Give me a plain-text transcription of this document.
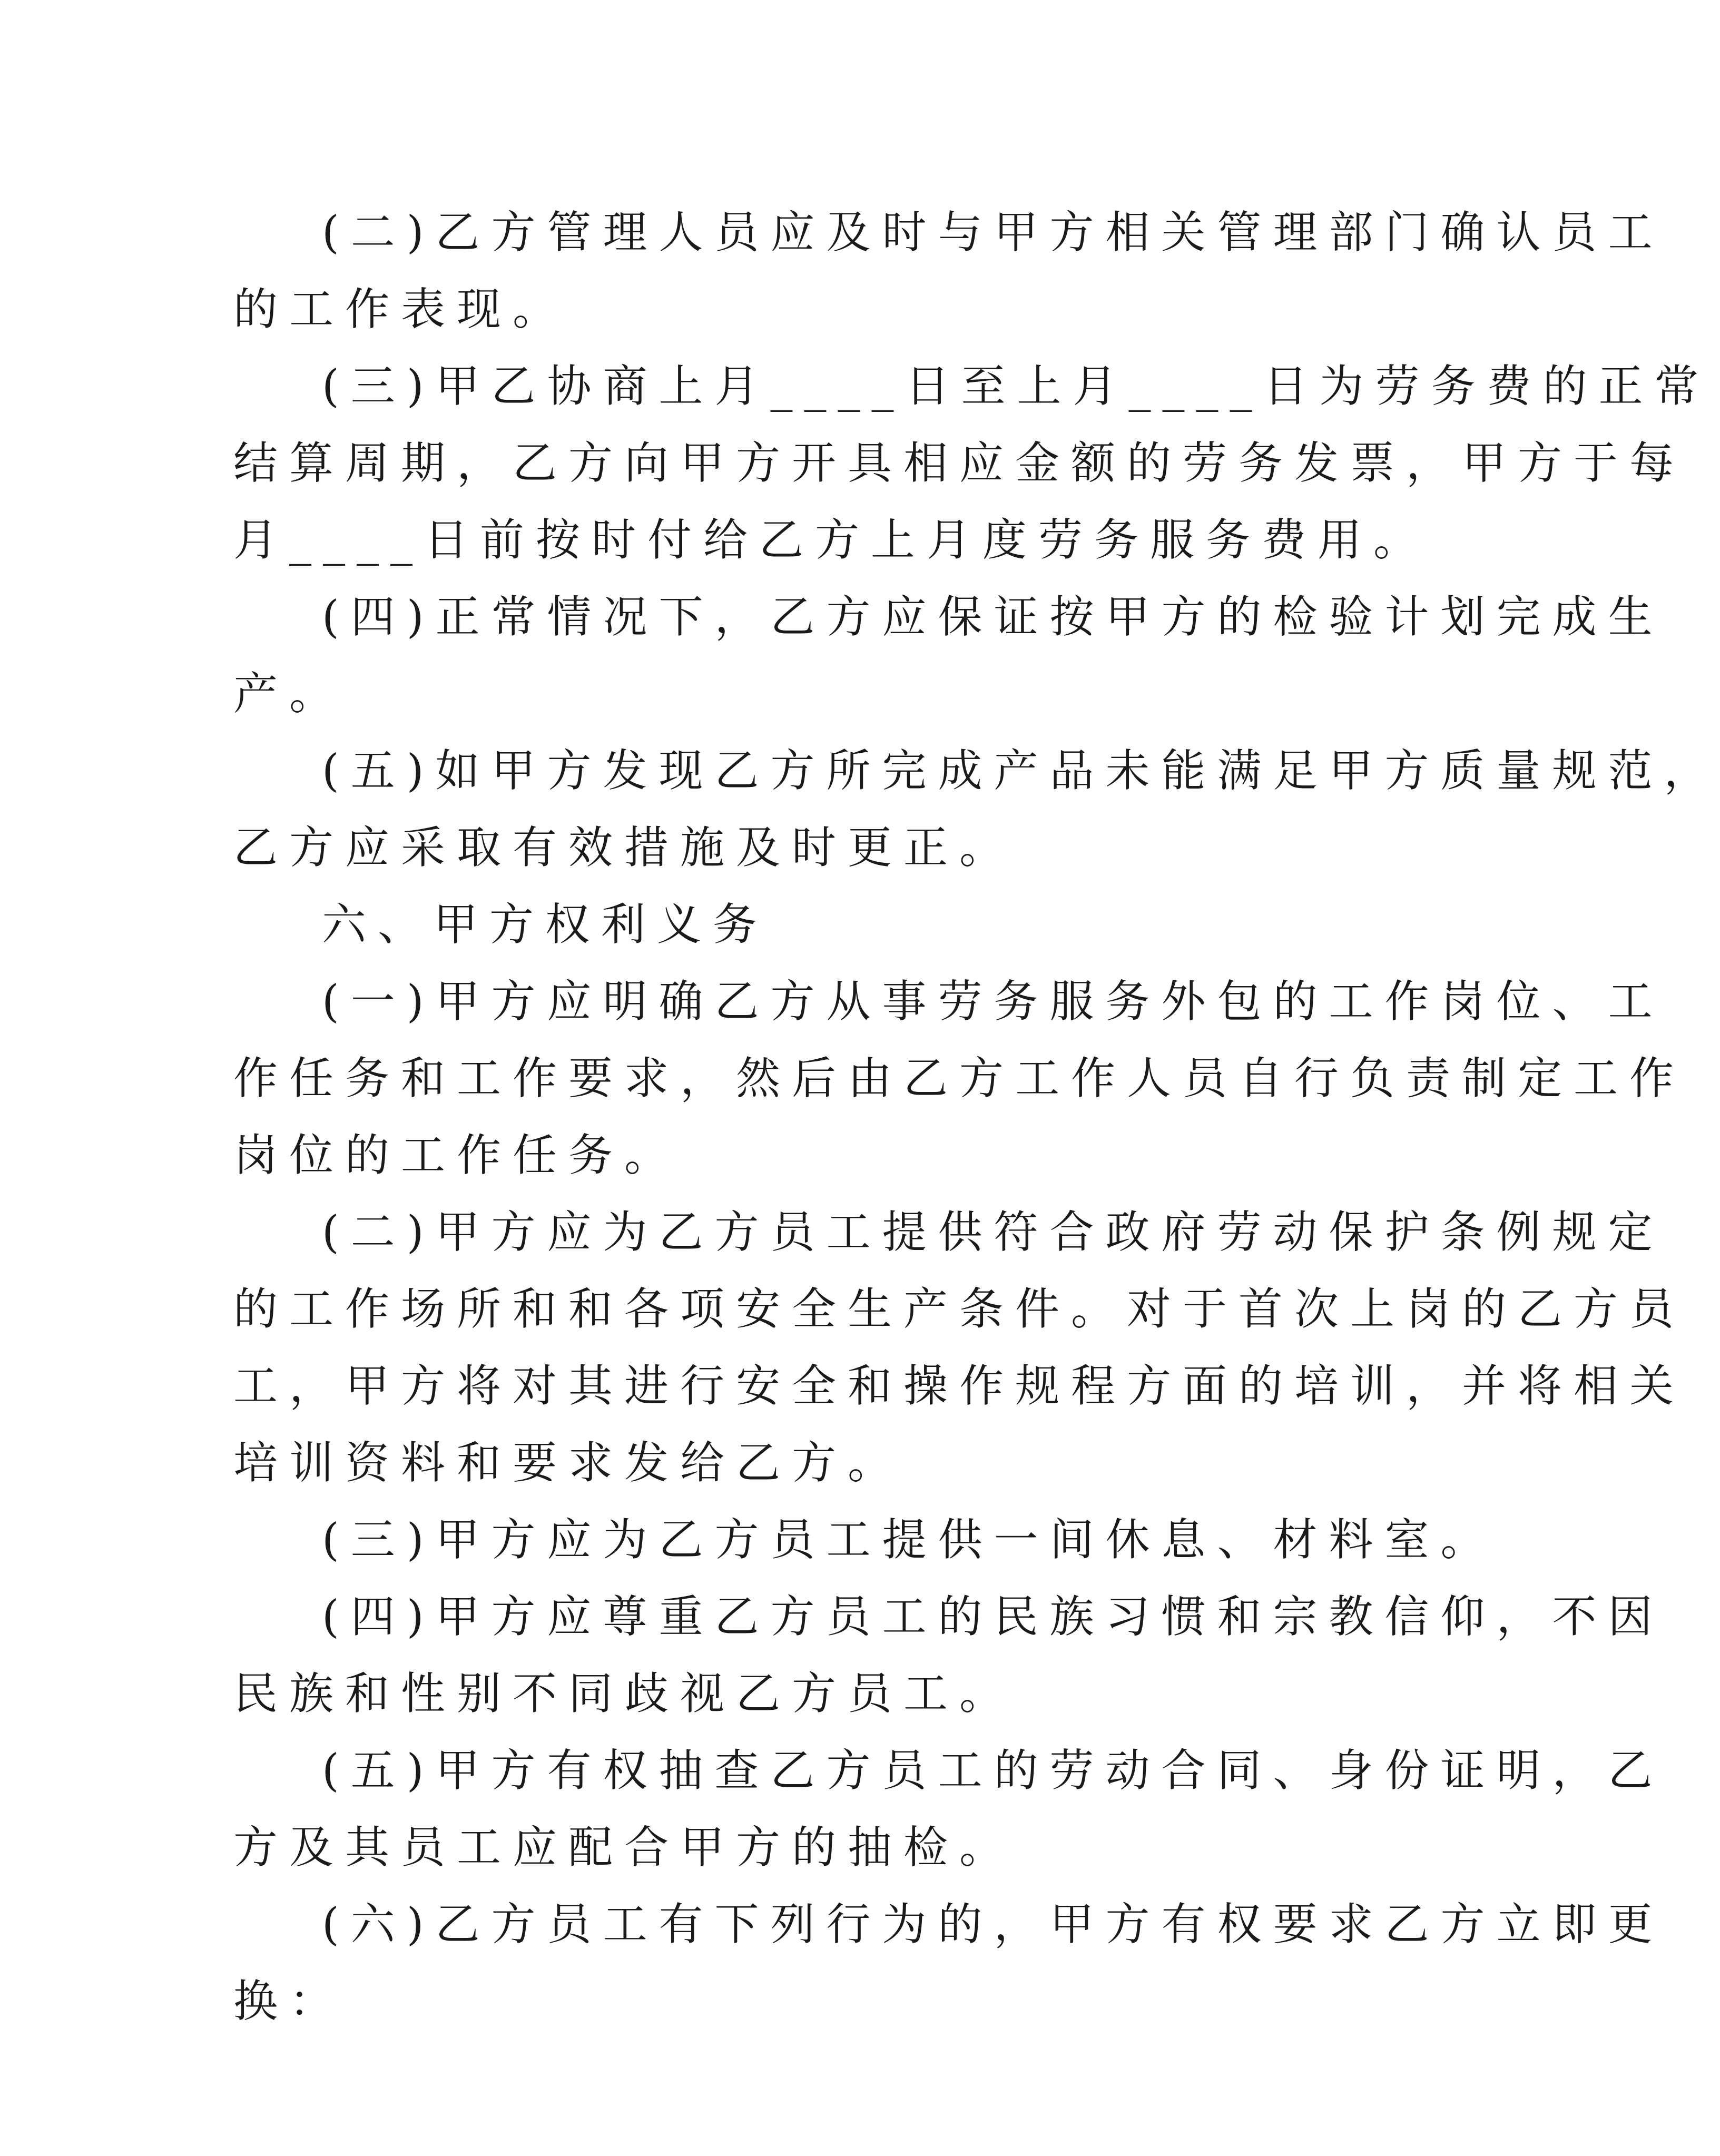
(二)乙方管理人员应及时与甲方相关管理部门确认员工
的工作表现。
(三)甲乙协商上月____日至上月____日为劳务费的正常
结算周期，乙方向甲方开具相应金额的劳务发票，甲方于每
月____日前按时付给乙方上月度劳务服务费用。
(四)正常情况下，乙方应保证按甲方的检验计划完成生
产。
(五)如甲方发现乙方所完成产品未能满足甲方质量规范，
乙方应采取有效措施及时更正。
六、甲方权利义务
(一)甲方应明确乙方从事劳务服务外包的工作岗位、工
作任务和工作要求，然后由乙方工作人员自行负责制定工作
岗位的工作任务。
(二)甲方应为乙方员工提供符合政府劳动保护条例规定
的工作场所和和各项安全生产条件。对于首次上岗的乙方员
工，甲方将对其进行安全和操作规程方面的培训，并将相关
培训资料和要求发给乙方。
(三)甲方应为乙方员工提供一间休息、材料室。
(四)甲方应尊重乙方员工的民族习惯和宗教信仰，不因
民族和性别不同歧视乙方员工。
(五)甲方有权抽查乙方员工的劳动合同、身份证明，乙
方及其员工应配合甲方的抽检。
(六)乙方员工有下列行为的，甲方有权要求乙方立即更
换：
